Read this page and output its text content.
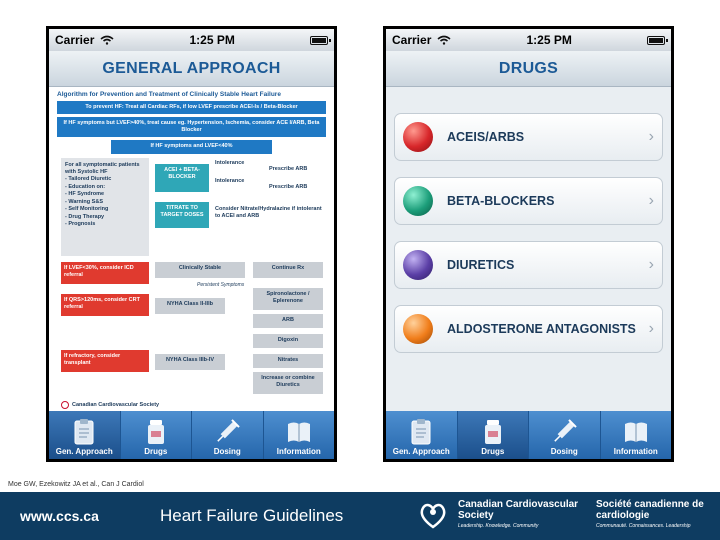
Carrier	1:25 PM
GENERAL APPROACH
Algorithm for Prevention and Treatment of Clinically Stable Heart Failure
To prevent HF: Treat all Cardiac RFs, if low LVEF prescribe ACEI-Is / Beta-Blocker
If HF symptoms but LVEF>40%, treat cause eg. Hypertension, Ischemia, consider ACE I/ARB, Beta Blocker
If HF symptoms and LVEF<40%
For all symptomatic patients with Systolic HF
- Tailored Diuretic
- Education on:
- HF Syndrome
- Warning S&S
- Self Monitoring
- Drug Therapy
- Prognosis
ACEI + BETA-BLOCKER
Intolerance
Prescribe ARB
Intolerance
Prescribe ARB
TITRATE TO TARGET DOSES
Consider Nitrate/Hydralazine if intolerant to ACEI and ARB
If LVEF<30%, consider ICD referral
Clinically Stable	Continue Rx
Persistent Symptoms
If QRS>120ms, consider CRT referral
NYHA Class II-IIIb
Spironolactone / Eplerenone
ARB
Digoxin
If refractory, consider transplant
NYHA Class IIIb-IV	Nitrates
Increase or combine Diuretics
Canadian Cardiovascular Society
Gen. Approach	Drugs	Dosing	Information
Carrier	1:25 PM
DRUGS
ACEIS/ARBS	›
BETA-BLOCKERS	›
DIURETICS	›
ALDOSTERONE ANTAGONISTS ›
Gen. Approach	Drugs	Dosing	Information
Moe GW, Ezekowitz JA et al., Can J Cardiol
www.ccs.ca	Heart Failure Guidelines
Canadian Cardiovascular Society
Leadership. Knowledge. Community
Société canadienne de cardiologie
Communauté. Connaissances. Leadership
